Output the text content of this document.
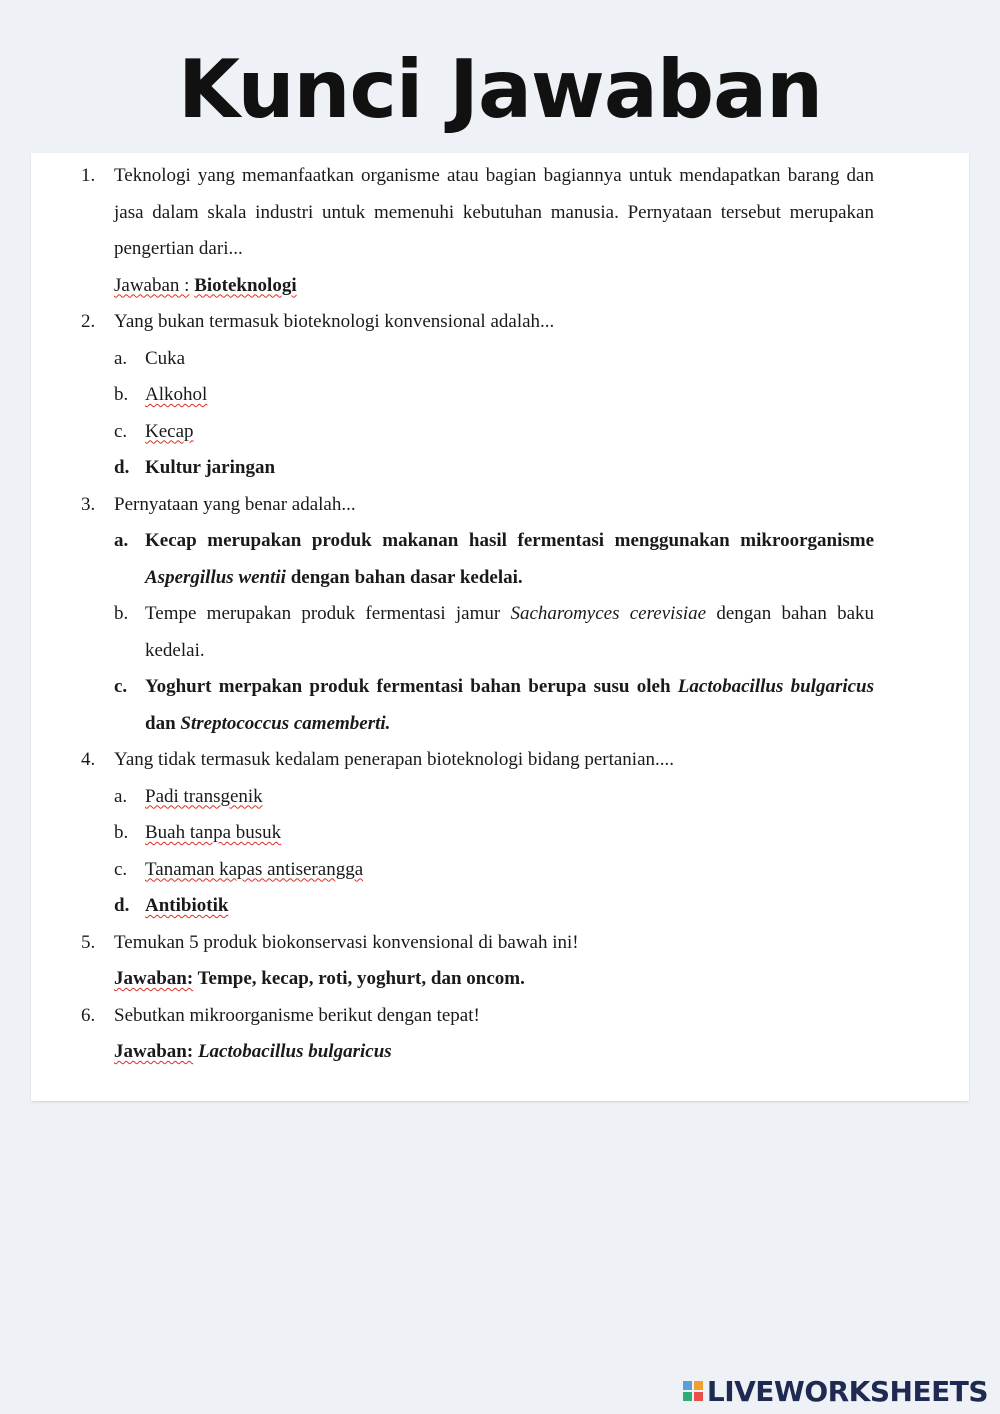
Kunci Jawaban
1. Teknologi yang memanfaatkan organisme atau bagian bagiannya untuk mendapatkan barang dan jasa dalam skala industri untuk memenuhi kebutuhan manusia. Pernyataan tersebut merupakan pengertian dari...
Jawaban : Bioteknologi
2. Yang bukan termasuk bioteknologi konvensional adalah...
a. Cuka
b. Alkohol
c. Kecap
d. Kultur jaringan
3. Pernyataan yang benar adalah...
a. Kecap merupakan produk makanan hasil fermentasi menggunakan mikroorganisme Aspergillus wentii dengan bahan dasar kedelai.
b. Tempe merupakan produk fermentasi jamur Sacharomyces cerevisiae dengan bahan baku kedelai.
c. Yoghurt merpakan produk fermentasi bahan berupa susu oleh Lactobacillus bulgaricus dan Streptococcus camemberti.
4. Yang tidak termasuk kedalam penerapan bioteknologi bidang pertanian....
a. Padi transgenik
b. Buah tanpa busuk
c. Tanaman kapas antiserangga
d. Antibiotik
5. Temukan 5 produk biokonservasi konvensional di bawah ini!
Jawaban: Tempe, kecap, roti, yoghurt, dan oncom.
6. Sebutkan mikroorganisme berikut dengan tepat!
Jawaban: Lactobacillus bulgaricus
LIVEWORKSHEETS
